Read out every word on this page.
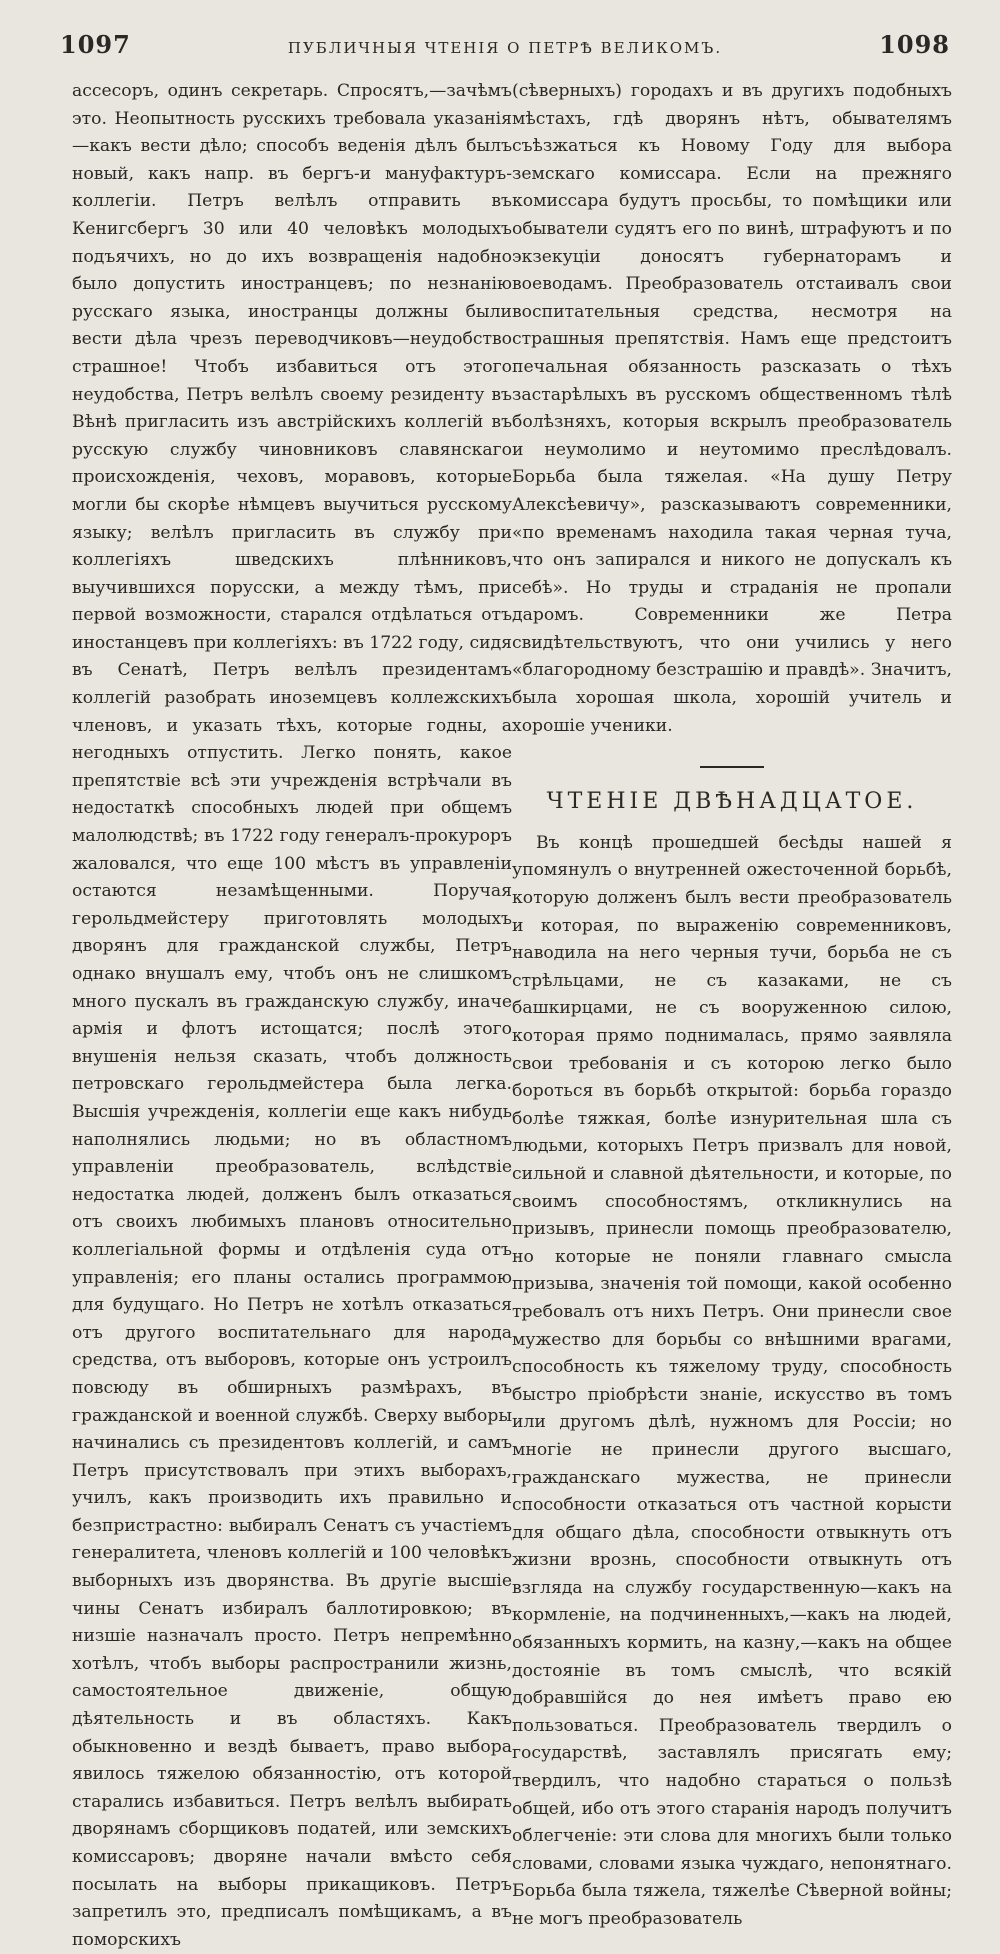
1097	ПУБЛИЧНЫЯ ЧТЕНІЯ О ПЕТРѢ ВЕЛИКОМЪ.	1098

ассесоръ, одинъ секретарь. Спросятъ,—зачѣмъ это. Неопытность русскихъ требовала указанія—какъ вести дѣло; способъ веденія дѣлъ былъ новый, какъ напр. въ бергъ-и мануфактуръ-коллегіи. Петръ велѣлъ отправить въ Кенигсбергъ 30 или 40 человѣкъ молодыхъ подъячихъ, но до ихъ возвращенія надобно было допустить иностранцевъ; по незнанію русскаго языка, иностранцы должны были вести дѣла чрезъ переводчиковъ—неудобство страшное! Чтобъ избавиться отъ этого неудобства, Петръ велѣлъ своему резиденту въ Вѣнѣ пригласить изъ австрійскихъ коллегій въ русскую службу чиновниковъ славянскаго происхожденія, чеховъ, моравовъ, которые могли бы скорѣе нѣмцевъ выучиться русскому языку; велѣлъ пригласить въ службу при коллегіяхъ шведскихъ плѣнниковъ, выучившихся порусски, а между тѣмъ, при первой возможности, старался отдѣлаться отъ иностанцевъ при коллегіяхъ: въ 1722 году, сидя въ Сенатѣ, Петръ велѣлъ президентамъ коллегій разобрать иноземцевъ коллежскихъ членовъ, и указать тѣхъ, которые годны, а негодныхъ отпустить. Легко понять, какое препятствіе всѣ эти учрежденія встрѣчали въ недостаткѣ способныхъ людей при общемъ малолюдствѣ; въ 1722 году генералъ-прокуроръ жаловался, что еще 100 мѣстъ въ управленіи остаются незамѣщенными. Поручая герольдмейстеру приготовлять молодыхъ дворянъ для гражданской службы, Петръ однако внушалъ ему, чтобъ онъ не слишкомъ много пускалъ въ гражданскую службу, иначе армія и флотъ истощатся; послѣ этого внушенія нельзя сказать, чтобъ должность петровскаго герольдмейстера была легка. Высшія учрежденія, коллегіи еще какъ нибудь наполнялись людьми; но въ областномъ управленіи преобразователь, вслѣдствіе недостатка людей, долженъ былъ отказаться отъ своихъ любимыхъ плановъ относительно коллегіальной формы и отдѣленія суда отъ управленія; его планы остались программою для будущаго. Но Петръ не хотѣлъ отказаться отъ другого воспитательнаго для народа средства, отъ выборовъ, которые онъ устроилъ повсюду въ обширныхъ размѣрахъ, въ гражданской и военной службѣ. Сверху выборы начинались съ президентовъ коллегій, и самъ Петръ присутствовалъ при этихъ выборахъ, училъ, какъ производить ихъ правильно и безпристрастно: выбиралъ Сенатъ съ участіемъ генералитета, членовъ коллегій и 100 человѣкъ выборныхъ изъ дворянства. Въ другіе высшіе чины Сенатъ избиралъ баллотировкою; въ низшіе назначалъ просто. Петръ непремѣнно хотѣлъ, чтобъ выборы распространили жизнь, самостоятельное движеніе, общую дѣятельность и въ областяхъ. Какъ обыкновенно и вездѣ бываетъ, право выбора явилось тяжелою обязанностію, отъ которой старались избавиться. Петръ велѣлъ выбирать дворянамъ сборщиковъ податей, или земскихъ комиссаровъ; дворяне начали вмѣсто себя посылать на выборы прикащиковъ. Петръ запретилъ это, предписалъ помѣщикамъ, а въ поморскихъ

(сѣверныхъ) городахъ и въ другихъ подобныхъ мѣстахъ, гдѣ дворянъ нѣтъ, обывателямъ съѣзжаться къ Новому Году для выбора земскаго комиссара. Если на прежняго комиссара будутъ просьбы, то помѣщики или обыватели судятъ его по винѣ, штрафуютъ и по экзекуціи доносятъ губернаторамъ и воеводамъ. Преобразователь отстаивалъ свои воспитательныя средства, несмотря на страшныя препятствія. Намъ еще предстоитъ печальная обязанность разсказать о тѣхъ застарѣлыхъ въ русскомъ общественномъ тѣлѣ болѣзняхъ, которыя вскрылъ преобразователь и неумолимо и неутомимо преслѣдовалъ. Борьба была тяжелая. «На душу Петру Алексѣевичу», разсказываютъ современники, «по временамъ находила такая черная туча, что онъ запирался и никого не допускалъ къ себѣ». Но труды и страданія не пропали даромъ. Современники же Петра свидѣтельствуютъ, что они учились у него «благородному безстрашію и правдѣ». Значитъ, была хорошая школа, хорошій учитель и хорошіе ученики.

ЧТЕНІЕ ДВѢНАДЦАТОЕ.

Въ концѣ прошедшей бесѣды нашей я упомянулъ о внутренней ожесточенной борьбѣ, которую долженъ былъ вести преобразователь и которая, по выраженію современниковъ, наводила на него черныя тучи, борьба не съ стрѣльцами, не съ казаками, не съ башкирцами, не съ вооруженною силою, которая прямо поднималась, прямо заявляла свои требованія и съ которою легко было бороться въ борьбѣ открытой: борьба гораздо болѣе тяжкая, болѣе изнурительная шла съ людьми, которыхъ Петръ призвалъ для новой, сильной и славной дѣятельности, и которые, по своимъ способностямъ, откликнулись на призывъ, принесли помощь преобразователю, но которые не поняли главнаго смысла призыва, значенія той помощи, какой особенно требовалъ отъ нихъ Петръ. Они принесли свое мужество для борьбы со внѣшними врагами, способность къ тяжелому труду, способность быстро пріобрѣсти знаніе, искусство въ томъ или другомъ дѣлѣ, нужномъ для Россіи; но многіе не принесли другого высшаго, гражданскаго мужества, не принесли способности отказаться отъ частной корысти для общаго дѣла, способности отвыкнуть отъ жизни врознь, способности отвыкнуть отъ взгляда на службу государственную—какъ на кормленіе, на подчиненныхъ,—какъ на людей, обязанныхъ кормить, на казну,—какъ на общее достояніе въ томъ смыслѣ, что всякій добравшійся до нея имѣетъ право ею пользоваться. Преобразователь твердилъ о государствѣ, заставлялъ присягать ему; твердилъ, что надобно стараться о пользѣ общей, ибо отъ этого старанія народъ получитъ облегченіе: эти слова для многихъ были только словами, словами языка чуждаго, непонятнаго. Борьба была тяжела, тяжелѣе Сѣверной войны; не могъ преобразователь
